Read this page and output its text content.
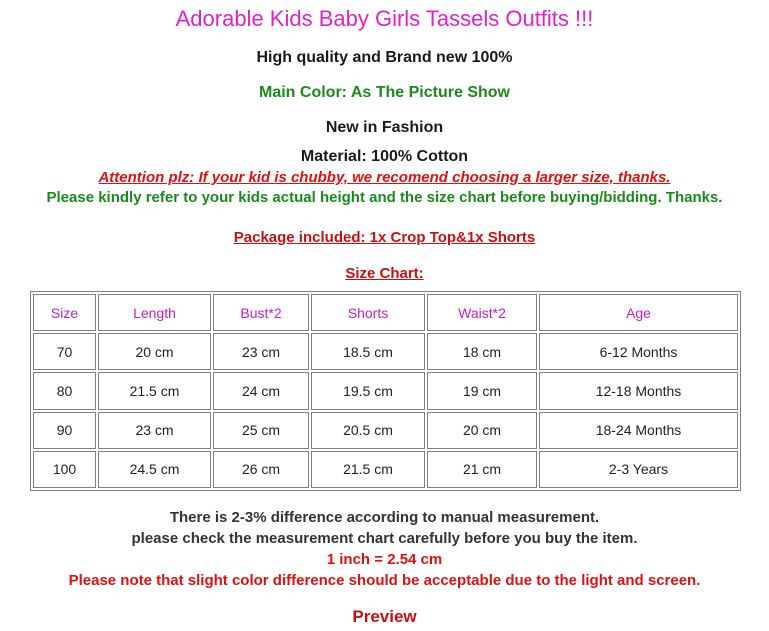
Adorable Kids Baby Girls Tassels Outfits !!!
High quality and Brand new 100%
Main Color: As The Picture Show
New in Fashion
Material: 100% Cotton
Attention plz: If your kid is chubby, we recomend choosing a larger size, thanks.
Please kindly refer to your kids actual height and the size chart before buying/bidding. Thanks.
Package included: 1x Crop Top&1x Shorts
Size Chart:
Size	Length	Bust*2	Shorts	Waist*2	Age
70	20 cm	23 cm	18.5 cm	18 cm	6-12 Months
80	21.5 cm	24 cm	19.5 cm	19 cm	12-18 Months
90	23 cm	25 cm	20.5 cm	20 cm	18-24 Months
100	24.5 cm	26 cm	21.5 cm	21 cm	2-3 Years
There is 2-3% difference according to manual measurement.
please check the measurement chart carefully before you buy the item.
1 inch = 2.54 cm
Please note that slight color difference should be acceptable due to the light and screen.
Preview
